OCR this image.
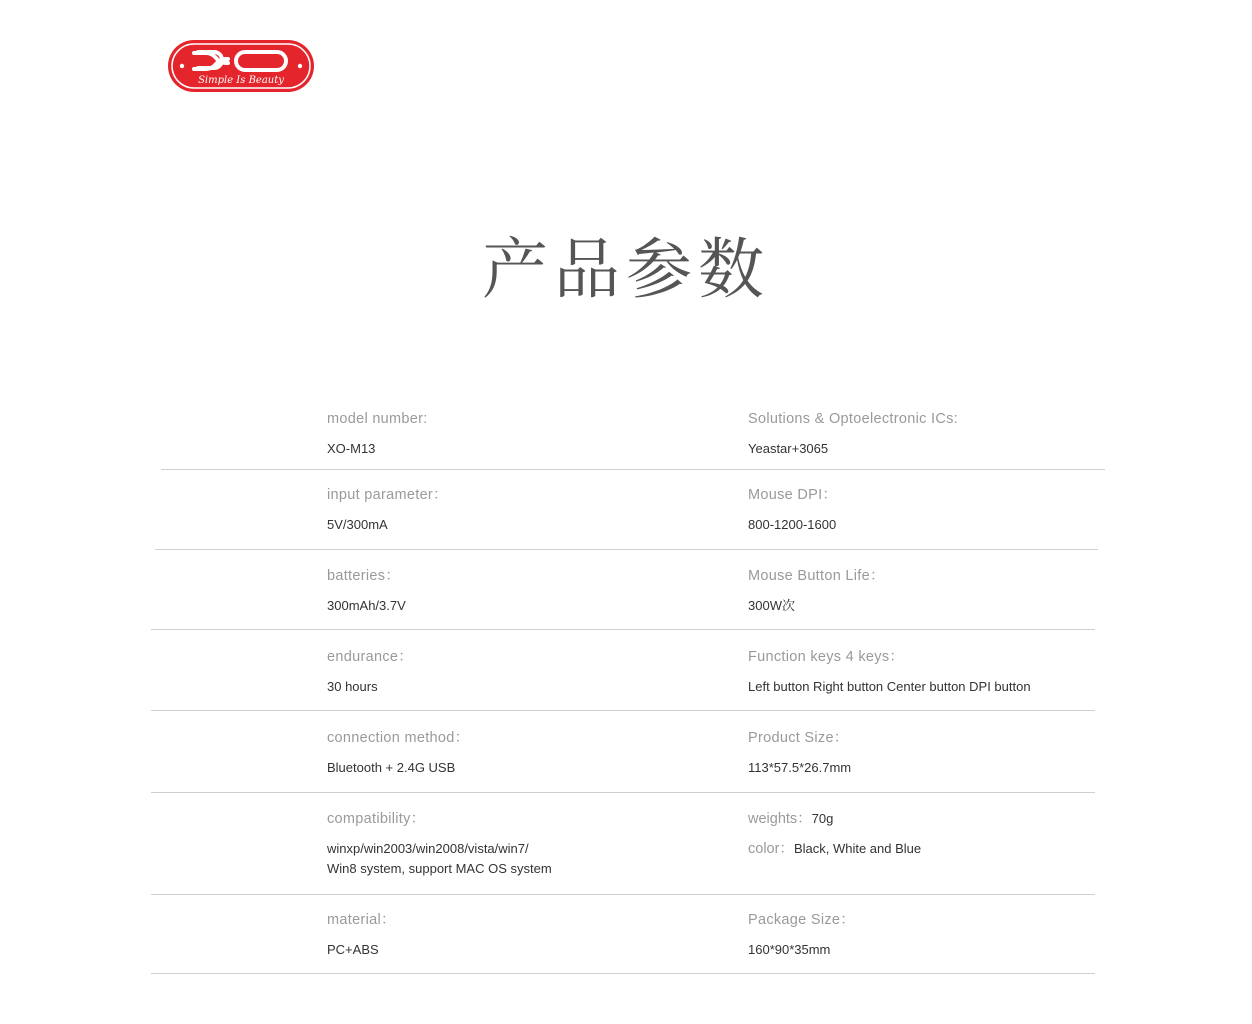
Simple Is Beauty
产品参数
model number:
XO-M13
Solutions & Optoelectronic ICs:
Yeastar+3065
input parameter：
5V/300mA
Mouse DPI：
800-1200-1600
batteries：
300mAh/3.7V
Mouse Button Life：
300W次
endurance：
30 hours
Function keys 4 keys：
Left button Right button Center button DPI button
connection method：
Bluetooth + 2.4G USB
Product Size：
113*57.5*26.7mm
compatibility：
winxp/win2003/win2008/vista/win7/
Win8 system, support MAC OS system
weights：70g
color：Black, White and Blue
material：
PC+ABS
Package Size：
160*90*35mm
